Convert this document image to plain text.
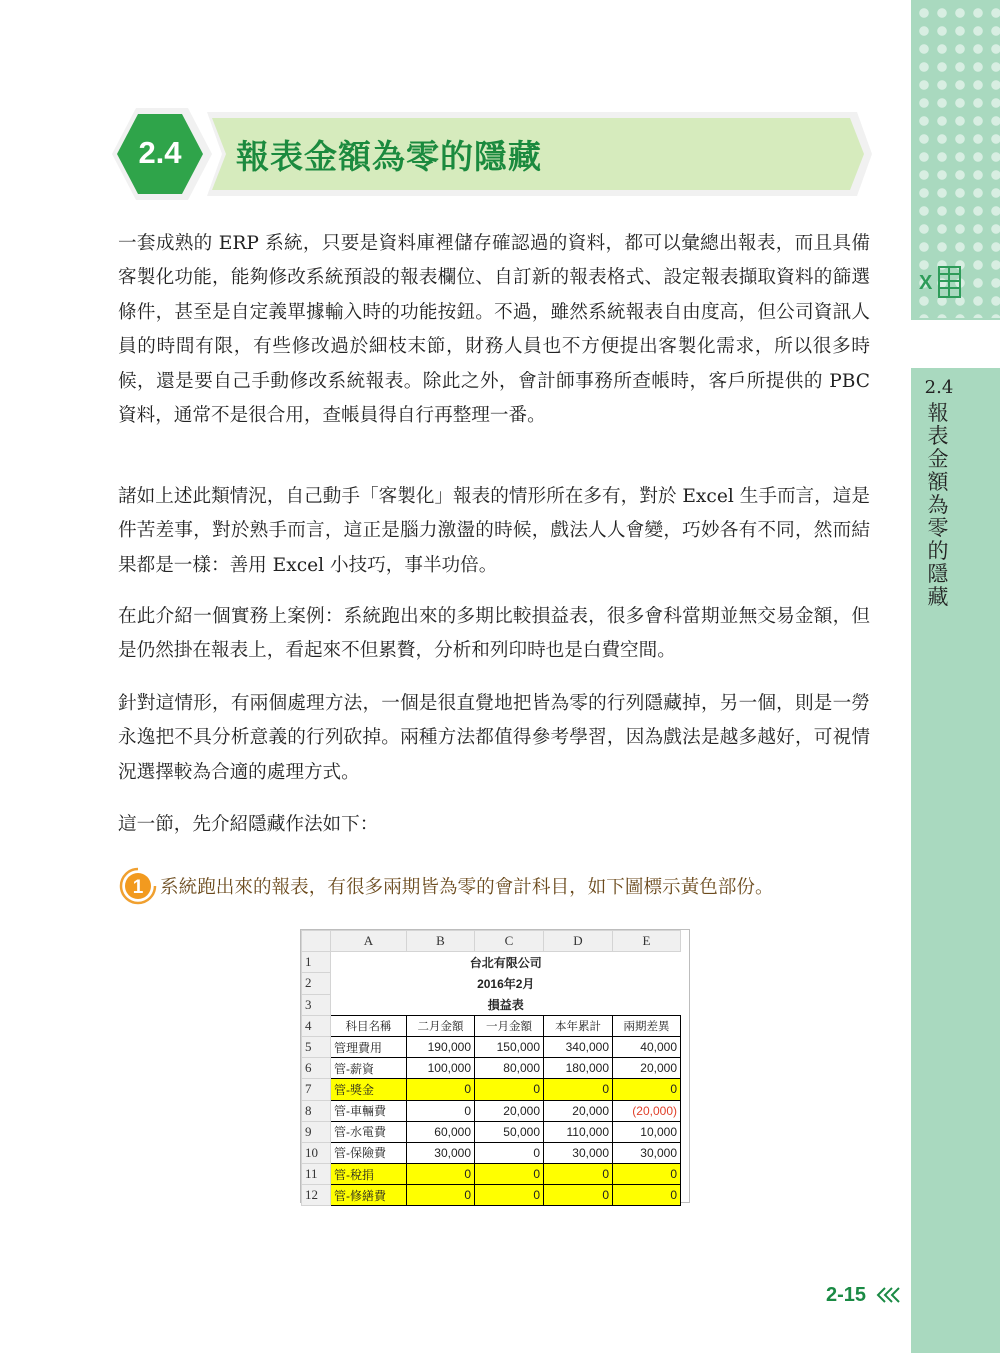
X
2.4
報表金額為零的隱藏
2.4	報表金額為零的隱藏
一套成熟的 ERP 系統，只要是資料庫裡儲存確認過的資料，都可以彙總出報表，而且具備客製化功能，能夠修改系統預設的報表欄位、自訂新的報表格式、設定報表擷取資料的篩選條件，甚至是自定義單據輸入時的功能按鈕。不過，雖然系統報表自由度高，但公司資訊人員的時間有限，有些修改過於細枝末節，財務人員也不方便提出客製化需求，所以很多時候，還是要自己手動修改系統報表。除此之外，會計師事務所查帳時，客戶所提供的 PBC 資料，通常不是很合用，查帳員得自行再整理一番。
諸如上述此類情況，自己動手「客製化」報表的情形所在多有，對於 Excel 生手而言，這是件苦差事，對於熟手而言，這正是腦力激盪的時候，戲法人人會變，巧妙各有不同，然而結果都是一樣：善用 Excel 小技巧，事半功倍。
在此介紹一個實務上案例：系統跑出來的多期比較損益表，很多會科當期並無交易金額，但是仍然掛在報表上，看起來不但累贅，分析和列印時也是白費空間。
針對這情形，有兩個處理方法，一個是很直覺地把皆為零的行列隱藏掉，另一個，則是一勞永逸把不具分析意義的行列砍掉。兩種方法都值得參考學習，因為戲法是越多越好，可視情況選擇較為合適的處理方式。
這一節，先介紹隱藏作法如下：
1 系統跑出來的報表，有很多兩期皆為零的會計科目，如下圖標示黃色部份。
	A	B	C	D	E
1	台北有限公司				
2	2016年2月				
3	損益表				
4	科目名稱	二月金額	一月金額	本年累計	兩期差異
5	管理費用	190,000	150,000	340,000	40,000
6	管-薪資	100,000	80,000	180,000	20,000
7	管-獎金	0	0	0	0
8	管-車輛費	0	20,000	20,000	(20,000)
9	管-水電費	60,000	50,000	110,000	10,000
10	管-保險費	30,000	0	30,000	30,000
11	管-稅捐	0	0	0	0
12	管-修繕費	0	0	0	0
2-15
